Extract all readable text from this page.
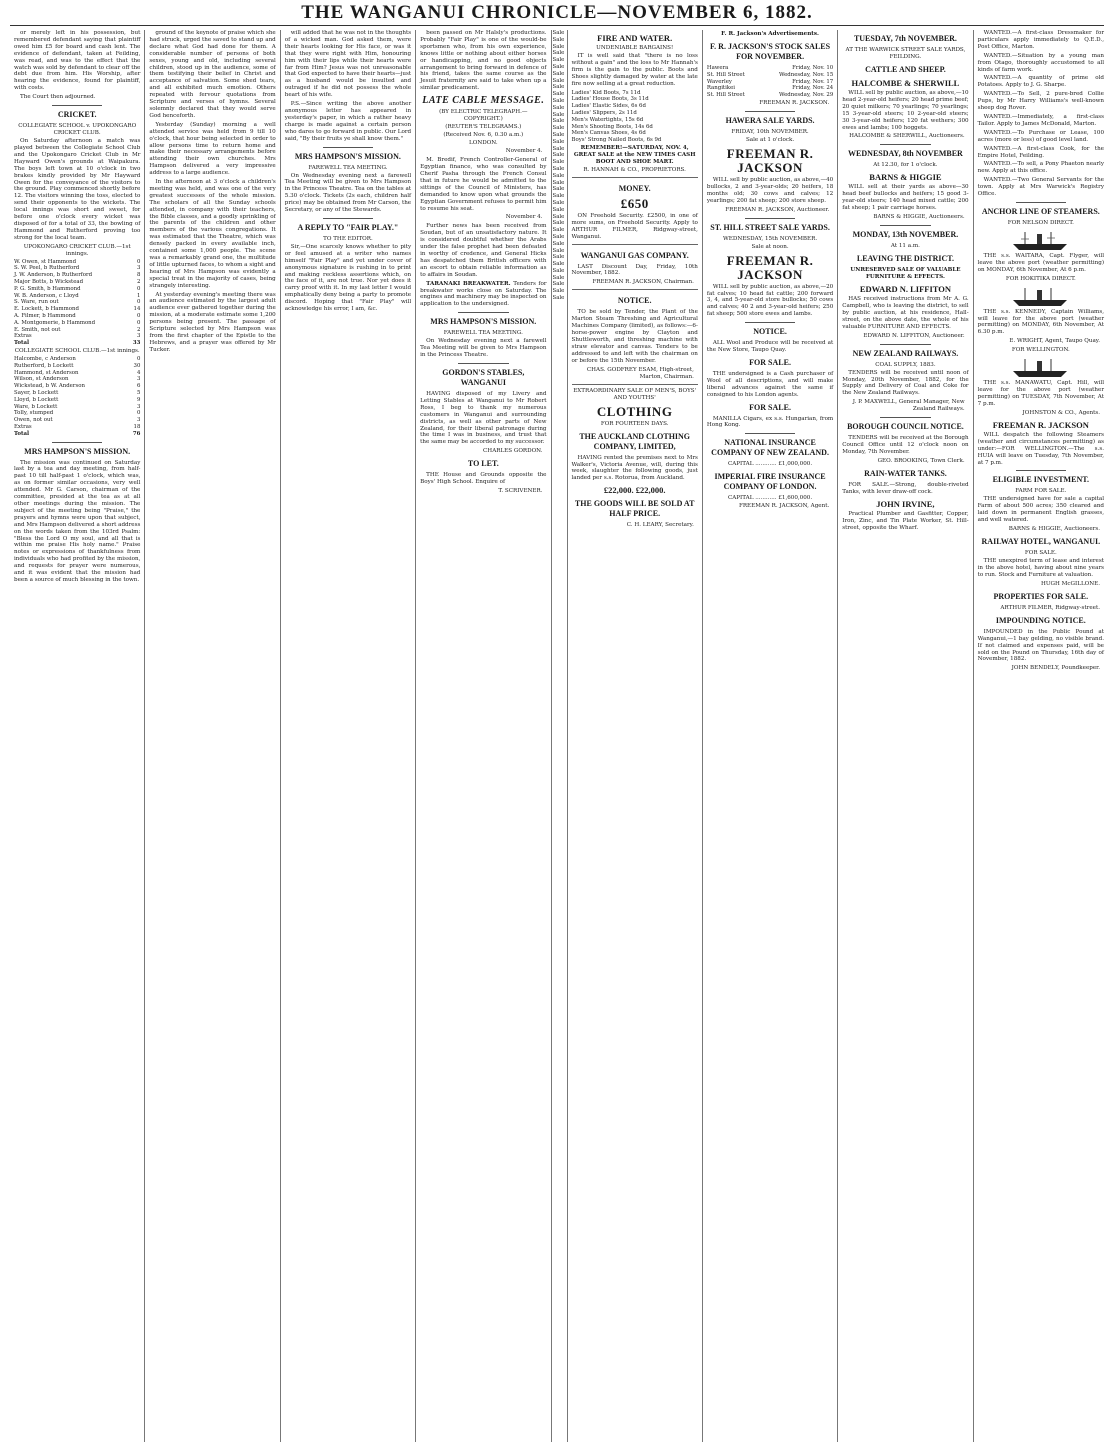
THE WANGANUI CHRONICLE—NOVEMBER 6, 1882.

or merely left in his possession, but remembered defendant saying that plaintiff owed him £5 for board and cash lent. The evidence of defendant, taken at Feilding, was read, and was to the effect that the watch was sold by defendant to clear off the debt due from him. His Worship, after hearing the evidence, found for plaintiff, with costs.

The Court then adjourned.

CRICKET.
COLLEGIATE SCHOOL v. UPOKONGARO CRICKET CLUB.

On Saturday afternoon a match was played between the Collegiate School Club and the Upokongaro Cricket Club in Mr Hayward Owen's grounds at Waipakura. The boys left town at 10 o'clock in two brakes kindly provided by Mr Hayward Owen for the conveyance of the visitors to the ground. Play commenced shortly before 12. The visitors winning the toss, elected to send their opponents to the wickets. The local innings was short and sweet, for before one o'clock every wicket was disposed of for a total of 33, the bowling of Hammond and Rutherford proving too strong for the local team.

UPOKONGARO CRICKET CLUB.—1st innings.
W. Owen, st Hammond	0
S. W. Peel, b Rutherford	3
J. W. Anderson, b Rutherford	8
Major Botts, b Wickstead	2
P. G. Smith, b Hammond	0
W. B. Anderson, c Lloyd	1
S. Ware, run out	0
E. Lockett, b Hammond	14
A. Filmer, b Hammond	0
A. Montgomerie, b Hammond	0
E. Smith, not out	2
Extras	3
Total	33
COLLEGIATE SCHOOL CLUB.—1st innings.
Halcombe, c Anderson	0
Rutherford, b Lockett	30
Hammond, st Anderson	4
Wilson, st Anderson	3
Wickstead, b W. Anderson	6
Sayer, b Lockett	5
Lloyd, b Lockett	9
Ware, b Lockett	3
Tolly, stumped	0
Owen, not out	3
Extras	18
Total	76
MRS HAMPSON'S MISSION.

The mission was continued on Saturday last by a tea and day meeting, from half-past 10 till half-past 1 o'clock, which was, as on former similar occasions, very well attended. Mr G. Carson, chairman of the committee, presided at the tea as at all other meetings during the mission. The subject of the meeting being "Praise," the prayers and hymns were upon that subject, and Mrs Hampson delivered a short address on the words taken from the 103rd Psalm: "Bless the Lord O my soul, and all that is within me praise His holy name." Praise notes or expressions of thankfulness from individuals who had profited by the mission, and requests for prayer were numerous, and it was evident that the mission had been a source of much blessing in the town.

ground of the keynote of praise which she had struck, urged the saved to stand up and declare what God had done for them. A considerable number of persons of both sexes, young and old, including several children, stood up in the audience, some of them testifying their belief in Christ and acceptance of salvation. Some shed tears, and all exhibited much emotion. Others repeated with fervour quotations from Scripture and verses of hymns. Several solemnly declared that they would serve God henceforth.

Yesterday (Sunday) morning a well attended service was held from 9 till 10 o'clock, that hour being selected in order to allow persons time to return home and make their necessary arrangements before attending their own churches. Mrs Hampson delivered a very impressive address to a large audience.

In the afternoon at 3 o'clock a children's meeting was held, and was one of the very greatest successes of the whole mission. The scholars of all the Sunday schools attended, in company with their teachers, the Bible classes, and a goodly sprinkling of the parents of the children and other members of the various congregations. It was estimated that the Theatre, which was densely packed in every available inch, contained some 1,000 people. The scene was a remarkably grand one, the multitude of little upturned faces, to whom a sight and hearing of Mrs Hampson was evidently a special treat in the majority of cases, being strangely interesting.

At yesterday evening's meeting there was an audience estimated by the largest adult audience ever gathered together during the mission, at a moderate estimate some 1,200 persons being present. The passage of Scripture selected by Mrs Hampson was from the first chapter of the Epistle to the Hebrews, and a prayer was offered by Mr Tucker.

will added that he was not in the thoughts of a wicked man. God asked them, were their hearts looking for His face, or was it that they were right with Him, honouring him with their lips while their hearts were far from Him? Jesus was not unreasonable that God expected to have their hearts—just as a husband would be insulted and outraged if he did not possess the whole heart of his wife.

P.S.—Since writing the above another anonymous letter has appeared in yesterday's paper, in which a rather heavy charge is made against a certain person who dares to go forward in public. Our Lord said, "By their fruits ye shall know them."

MRS HAMPSON'S MISSION.
FAREWELL TEA MEETING.

On Wednesday evening next a farewell Tea Meeting will be given to Mrs Hampson in the Princess Theatre. Tea on the tables at 5.30 o'clock. Tickets (2s each, children half price) may be obtained from Mr Carson, the Secretary, or any of the Stewards.

A REPLY TO "FAIR PLAY."
TO THE EDITOR.

Sir,—One scarcely knows whether to pity or feel amused at a writer who names himself "Fair Play" and yet under cover of anonymous signature is rushing in to print and making reckless assertions which, on the face of it, are not true. Nor yet does it carry proof with it. In my last letter I would emphatically deny being a party to promote discord. Hoping that "Fair Play" will acknowledge his error, I am, &c.

been passed on Mr Halsly's productions. Probably "Fair Play" is one of the would-be sportsmen who, from his own experience, knows little or nothing about either horses or handicapping, and no good objects arrangement to bring forward in defence of his friend, takes the same course as the Jesuit fraternity are said to take when up a similar predicament.

LATE CABLE MESSAGE.
(BY ELECTRIC TELEGRAPH.—COPYRIGHT.)
(REUTER'S TELEGRAMS.)
(Received Nov. 6, 0.30 a.m.)
LONDON.
November 4.

M. Bredif, French Controller-General of Egyptian finance, who was consulted by Cherif Pasha through the French Consul that in future he would be admitted to the sittings of the Council of Ministers, has demanded to know upon what grounds the Egyptian Government refuses to permit him to resume his seat.

November 4.

Further news has been received from Soudan, but of an unsatisfactory nature. It is considered doubtful whether the Arabs under the false prophet had been defeated in worthy of credence, and General Hicks has despatched them British officers with an escort to obtain reliable information as to affairs in Soudan.

TARANAKI BREAKWATER. Tenders for breakwater works close on Saturday. The engines and machinery may be inspected on application to the undersigned.

MRS HAMPSON'S MISSION.
FAREWELL TEA MEETING.

On Wednesday evening next a farewell Tea Meeting will be given to Mrs Hampson in the Princess Theatre.

GORDON'S STABLES, WANGANUI

HAVING disposed of my Livery and Letting Stables at Wanganui to Mr Robert Ross, I beg to thank my numerous customers in Wanganui and surrounding districts, as well as other parts of New Zealand, for their liberal patronage during the time I was in business, and trust that the same may be accorded to my successor.

CHARLES GORDON.
TO LET.

THE House and Grounds opposite the Boys' High School. Enquire of

T. SCRIVENER.
Sale
Sale
Sale
Sale
Sale
Sale
Sale
Sale
Sale
Sale
Sale
Sale
Sale
Sale
Sale
Sale
Sale
Sale
Sale
Sale
Sale
Sale
Sale
Sale
Sale
Sale
Sale
Sale
Sale
Sale
Sale
Sale
Sale
Sale
Sale
Sale
Sale
Sale
Sale
Sale
FIRE AND WATER.
UNDENIABLE BARGAINS!

IT is well said that "there is no loss without a gain" and the loss to Mr Hannah's firm is the gain to the public. Boots and Shoes slightly damaged by water at the late fire now selling at a great reduction.

Ladies' Kid Boots, 7s 11d
Ladies' House Boots, 3s 11d
Ladies' Elastic Sides, 6s 6d
Ladies' Slippers, 2s 11d
Men's Watertights, 15s 6d
Men's Shooting Boots, 14s 6d
Men's Canvas Shoes, 4s 6d
Boys' Strong Nailed Boots, 6s 9d
REMEMBER!—SATURDAY, NOV. 4, GREAT SALE at the NEW TIMES CASH BOOT AND SHOE MART.
R. HANNAH & CO., PROPRIETORS.
MONEY.
£650

ON Freehold Security. £2500, in one of more sums, on Freehold Security. Apply to ARTHUR FILMER, Ridgway-street, Wanganui.

WANGANUI GAS COMPANY.

LAST Discount Day, Friday, 10th November, 1882.

FREEMAN R. JACKSON, Chairman.
NOTICE.

TO be sold by Tender, the Plant of the Marton Steam Threshing and Agricultural Machines Company (limited), as follows:—6-horse-power engine by Clayton and Shuttleworth, and threshing machine with straw elevator and canvas. Tenders to be addressed to and left with the chairman on or before the 15th November.

CHAS. GODFREY ESAM, High-street, Marton, Chairman.
EXTRAORDINARY SALE OF MEN'S, BOYS' AND YOUTHS'
CLOTHING
FOR FOURTEEN DAYS.
THE AUCKLAND CLOTHING COMPANY, LIMITED,

HAVING rented the premises next to Mrs Walker's, Victoria Avenue, will, during this week, slaughter the following goods, just landed per s.s. Rotorua, from Auckland.

£22,000. £22,000.
THE GOODS WILL BE SOLD AT HALF PRICE.
C. H. LEARY, Secretary.
F. R. Jackson's Advertisements.
F. R. JACKSON'S STOCK SALES FOR NOVEMBER.
Hawera	Friday, Nov. 10
St. Hill Street	Wednesday, Nov. 15
Waverley	Friday, Nov. 17
Rangitikei	Friday, Nov. 24
St. Hill Street	Wednesday, Nov. 29
FREEMAN R. JACKSON.
HAWERA SALE YARDS.
FRIDAY, 10th NOVEMBER.
Sale at 1 o'clock.
FREEMAN R. JACKSON

WILL sell by public auction, as above,—40 bullocks, 2 and 3-year-olds; 20 heifers, 18 months old; 30 cows and calves; 12 yearlings; 200 fat sheep; 200 store sheep.

FREEMAN R. JACKSON, Auctioneer.
ST. HILL STREET SALE YARDS.
WEDNESDAY, 15th NOVEMBER.
Sale at noon.
FREEMAN R. JACKSON

WILL sell by public auction, as above,—20 fat calves; 10 head fat cattle; 200 forward 3, 4, and 5-year-old store bullocks; 50 cows and calves; 40 2 and 3-year-old heifers; 250 fat sheep; 500 store ewes and lambs.

NOTICE.

ALL Wool and Produce will be received at the New Store, Taupo Quay.

FOR SALE.

THE undersigned is a Cash purchaser of Wool of all descriptions, and will make liberal advances against the same if consigned to his London agents.

FOR SALE.

MANILLA Cigars, ex s.s. Hungarian, from Hong Kong.

NATIONAL INSURANCE COMPANY OF NEW ZEALAND.
CAPITAL ............ £1,000,000.
IMPERIAL FIRE INSURANCE COMPANY OF LONDON.
CAPITAL ............ £1,600,000.
FREEMAN R. JACKSON, Agent.
TUESDAY, 7th NOVEMBER.
AT THE WARWICK STREET SALE YARDS, FEILDING.
CATTLE AND SHEEP.
HALCOMBE & SHERWILL

WILL sell by public auction, as above,—10 head 2-year-old heifers; 20 head prime beef; 20 quiet milkers; 70 yearlings; 70 yearlings; 15 3-year-old steers; 10 2-year-old steers; 30 3-year-old heifers; 120 fat wethers; 300 ewes and lambs; 100 hoggets.

HALCOMBE & SHERWILL, Auctioneers.
WEDNESDAY, 8th NOVEMBER
At 12.30, for 1 o'clock.
BARNS & HIGGIE

WILL sell at their yards as above—30 head beef bullocks and heifers; 15 good 3-year-old steers; 140 head mixed cattle; 200 fat sheep; 1 pair carriage horses.

BARNS & HIGGIE, Auctioneers.
MONDAY, 13th NOVEMBER.
At 11 a.m.
LEAVING THE DISTRICT.
UNRESERVED SALE OF VALUABLE FURNITURE & EFFECTS.
EDWARD N. LIFFITON

HAS received instructions from Mr A. G. Campbell, who is leaving the district, to sell by public auction, at his residence, Hall-street, on the above date, the whole of his valuable FURNITURE AND EFFECTS.

EDWARD N. LIFFITON, Auctioneer.
NEW ZEALAND RAILWAYS.
COAL SUPPLY, 1883.

TENDERS will be received until noon of Monday, 20th November, 1882, for the Supply and Delivery of Coal and Coke for the New Zealand Railways.

J. P. MAXWELL, General Manager, New Zealand Railways.
BOROUGH COUNCIL NOTICE.

TENDERS will be received at the Borough Council Office until 12 o'clock noon on Monday, 7th November.

GEO. BROOKING, Town Clerk.
RAIN-WATER TANKS.

FOR SALE.—Strong, double-riveted Tanks, with lever draw-off cock.

JOHN IRVINE,

Practical Plumber and Gasfitter, Copper, Iron, Zinc, and Tin Plate Worker, St. Hill-street, opposite the Wharf.

WANTED.—A first-class Dressmaker for particulars apply immediately to Q.E.D., Post Office, Marton.

WANTED.—Situation by a young man from Otago, thoroughly accustomed to all kinds of farm work.

WANTED.—A quantity of prime old Potatoes. Apply to J. G. Sharpe.

WANTED.—To Sell, 2 pure-bred Collie Pups, by Mr Harry Williams's well-known sheep dog Rover.

WANTED.—Immediately, a first-class Tailor. Apply to James McDonald, Marton.

WANTED.—To Purchase or Lease, 100 acres (more or less) of good level land.

WANTED.—A first-class Cook, for the Empire Hotel, Feilding.

WANTED.—To sell, a Pony Phaeton nearly new. Apply at this office.

WANTED.—Two General Servants for the town. Apply at Mrs Warwick's Registry Office.

ANCHOR LINE OF STEAMERS.
FOR NELSON DIRECT.

THE s.s. WAITARA, Capt. Flyger, will leave the above port (weather permitting) on MONDAY, 6th November, At 6 p.m.

FOR HOKITIKA DIRECT.

THE s.s. KENNEDY, Captain Williams, will leave for the above port (weather permitting) on MONDAY, 6th November, At 6.30 p.m.

E. WRIGHT, Agent, Taupo Quay.
FOR WELLINGTON.

THE s.s. MANAWATU, Capt. Hill, will leave for the above port (weather permitting) on TUESDAY, 7th November, At 7 p.m.

JOHNSTON & CO., Agents.
FREEMAN R. JACKSON

WILL despatch the following Steamers (weather and circumstances permitting) as under:—FOR WELLINGTON.—The s.s. HUIA will leave on Tuesday, 7th November, at 7 p.m.

ELIGIBLE INVESTMENT.
FARM FOR SALE.

THE undersigned have for sale a capital Farm of about 500 acres; 350 cleared and laid down in permanent English grasses, and well watered.

BARNS & HIGGIE, Auctioneers.
RAILWAY HOTEL, WANGANUI.
FOR SALE.

THE unexpired term of lease and interest in the above hotel, having about nine years to run. Stock and Furniture at valuation.

HUGH McGILLONE.
PROPERTIES FOR SALE.
ARTHUR FILMER, Ridgway-street.
IMPOUNDING NOTICE.

IMPOUNDED in the Public Pound at Wanganui,—1 bay gelding, no visible brand. If not claimed and expenses paid, will be sold on the Pound on Thursday, 16th day of November, 1882.

JOHN BENDELY, Poundkeeper.
